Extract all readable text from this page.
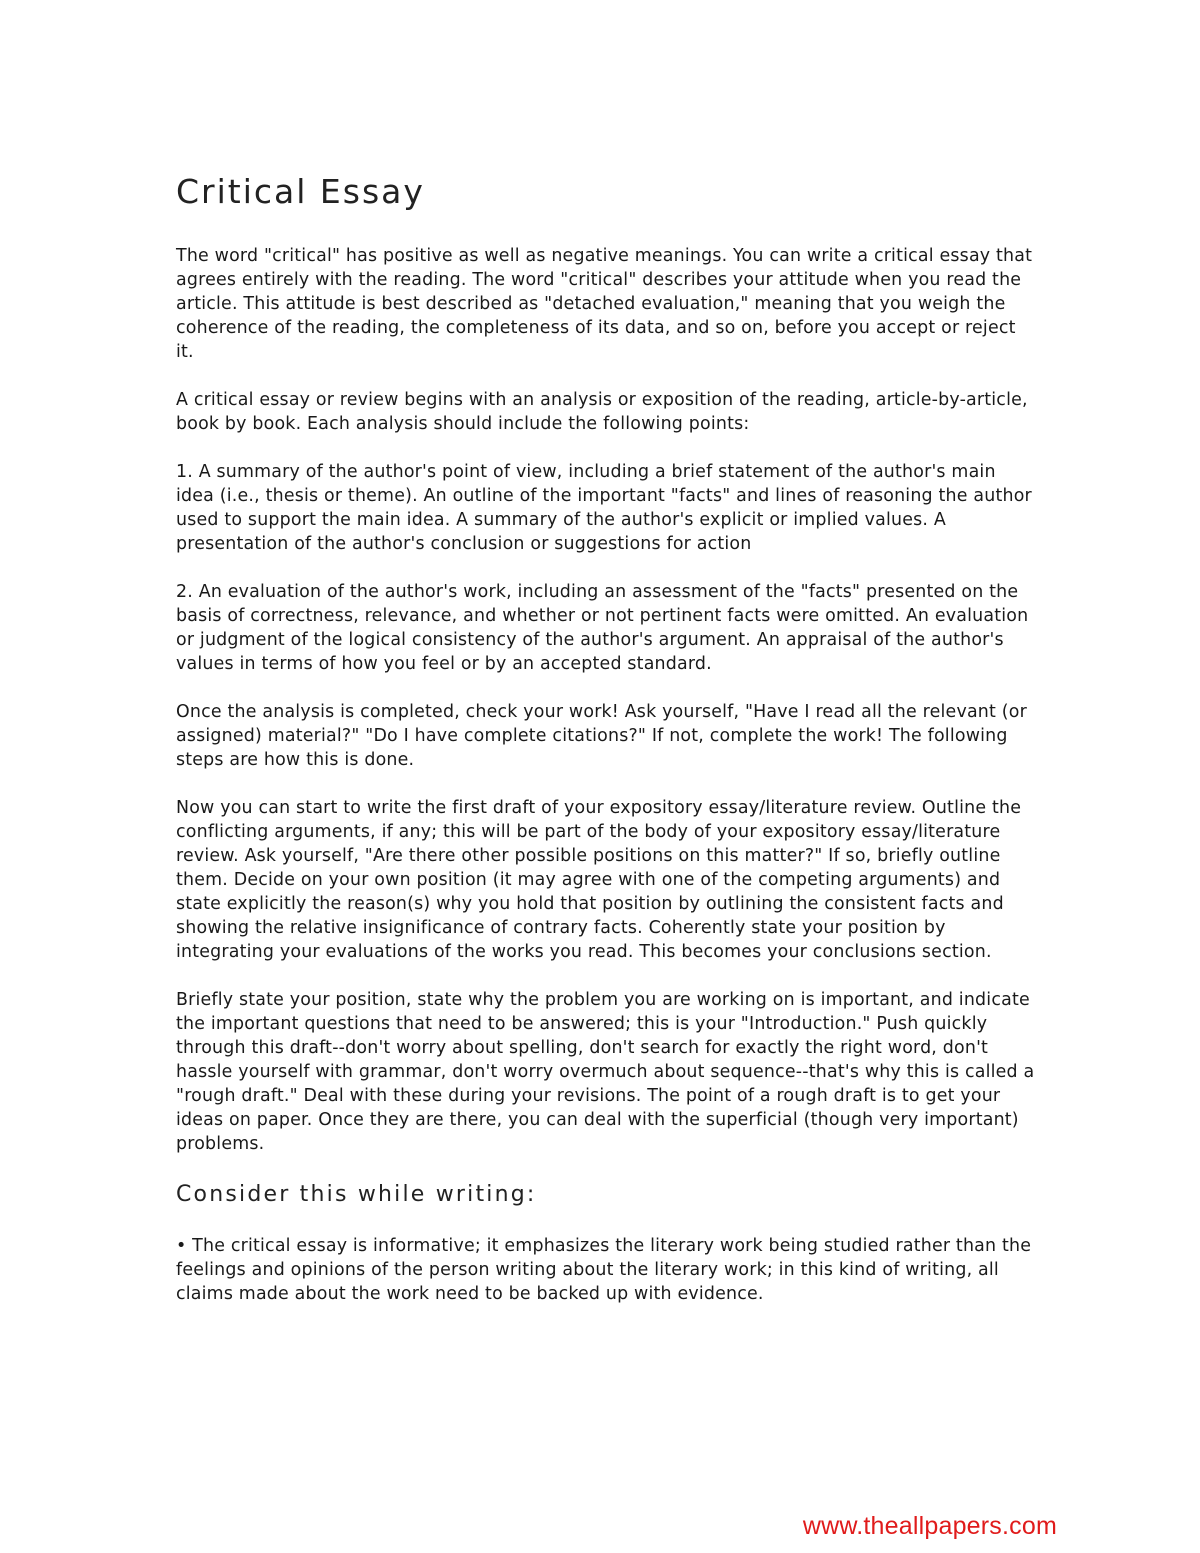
Critical Essay

The word "critical" has positive as well as negative meanings. You can write a critical essay that agrees entirely with the reading. The word "critical" describes your attitude when you read the article. This attitude is best described as "detached evaluation," meaning that you weigh the coherence of the reading, the completeness of its data, and so on, before you accept or reject it.

A critical essay or review begins with an analysis or exposition of the reading, article-by-article, book by book. Each analysis should include the following points:

1. A summary of the author's point of view, including a brief statement of the author's main idea (i.e., thesis or theme). An outline of the important "facts" and lines of reasoning the author used to support the main idea. A summary of the author's explicit or implied values. A presentation of the author's conclusion or suggestions for action

2. An evaluation of the author's work, including an assessment of the "facts" presented on the basis of correctness, relevance, and whether or not pertinent facts were omitted. An evaluation or judgment of the logical consistency of the author's argument. An appraisal of the author's values in terms of how you feel or by an accepted standard.

Once the analysis is completed, check your work! Ask yourself, "Have I read all the relevant (or assigned) material?" "Do I have complete citations?" If not, complete the work! The following steps are how this is done.

Now you can start to write the first draft of your expository essay/literature review. Outline the conflicting arguments, if any; this will be part of the body of your expository essay/literature review. Ask yourself, "Are there other possible positions on this matter?" If so, briefly outline them. Decide on your own position (it may agree with one of the competing arguments) and state explicitly the reason(s) why you hold that position by outlining the consistent facts and showing the relative insignificance of contrary facts. Coherently state your position by integrating your evaluations of the works you read. This becomes your conclusions section.

Briefly state your position, state why the problem you are working on is important, and indicate the important questions that need to be answered; this is your "Introduction." Push quickly through this draft--don't worry about spelling, don't search for exactly the right word, don't hassle yourself with grammar, don't worry overmuch about sequence--that's why this is called a "rough draft." Deal with these during your revisions. The point of a rough draft is to get your ideas on paper. Once they are there, you can deal with the superficial (though very important) problems.

Consider this while writing:

• The critical essay is informative; it emphasizes the literary work being studied rather than the feelings and opinions of the person writing about the literary work; in this kind of writing, all claims made about the work need to be backed up with evidence.

www.theallpapers.com
